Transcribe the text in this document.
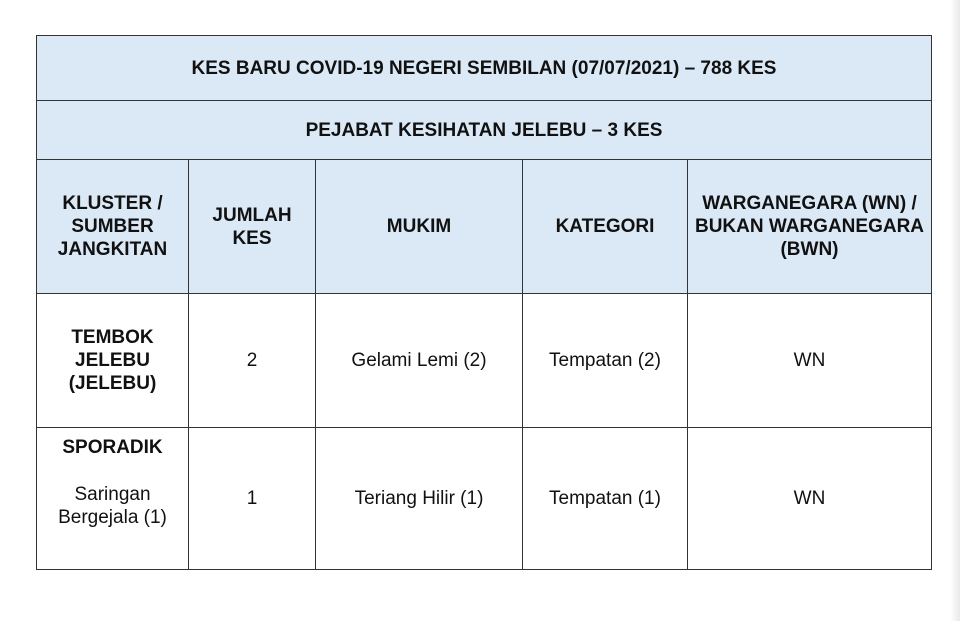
KES BARU COVID-19 NEGERI SEMBILAN (07/07/2021) – 788 KES				
PEJABAT KESIHATAN JELEBU – 3 KES				
KLUSTER / SUMBER JANGKITAN	JUMLAH KES	MUKIM	KATEGORI	WARGANEGARA (WN) / BUKAN WARGANEGARA (BWN)
TEMBOK JELEBU (JELEBU)	2	Gelami Lemi (2)	Tempatan (2)	WN

SPORADIK
Saringan Bergejala (1)	1	Teriang Hilir (1)	Tempatan (1)	WN
